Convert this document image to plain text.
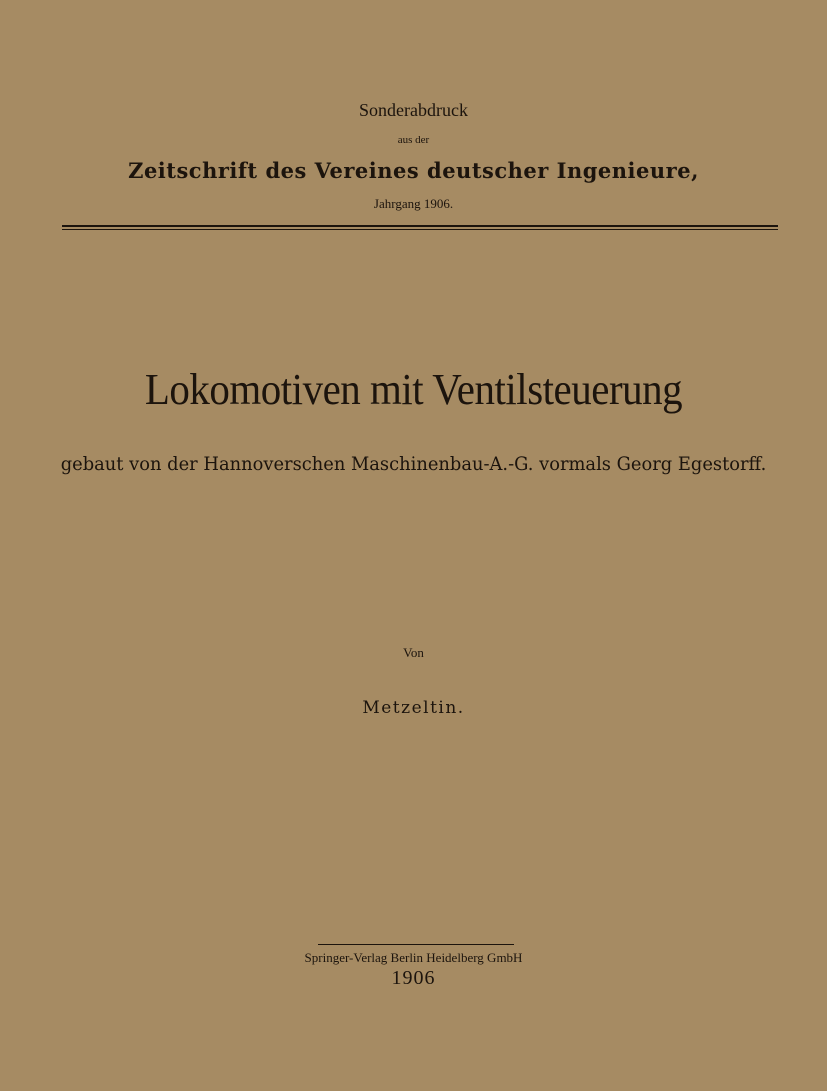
Sonderabdruck
aus der
Zeitschrift des Vereines deutscher Ingenieure,
Jahrgang 1906.
Lokomotiven mit Ventilsteuerung
gebaut von der Hannoverschen Maschinenbau-A.-G. vormals Georg Egestorff.
Von
Metzeltin.
Springer-Verlag Berlin Heidelberg GmbH
1906
